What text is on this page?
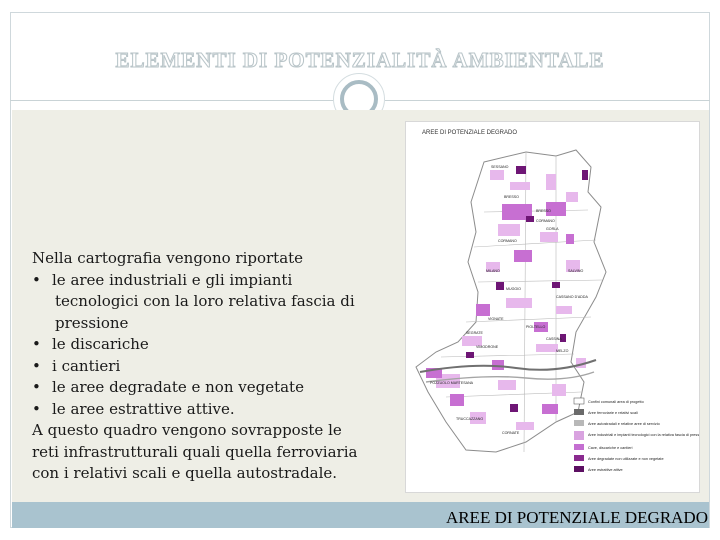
ELEMENTI DI POTENZIALITÀ AMBIENTALE
Nella cartografia vengono riportate
• le aree industriali e gli impianti
tecnologici con la loro relativa fascia di
pressione
• le discariche
• i cantieri
• le aree degradate e non vegetate
• le aree estrattive attive.
A questo quadro vengono sovrapposte le
reti infrastrutturali quali quella ferroviaria
con i relativi scali e quella autostradale.
AREE DI POTENZIALE DEGRADO
SESSANO
BRESSO
BRESSO
CORMANO
CORMANO
GORLA
MILANO
MUGGIO
CASSANO D'ADDA
SALVINO
VIGNATE
PIOLTELLO
SEGRATE
CASSINA
VIMODRONE
MELZO
POZZUOLO MARTESANA
TRUCCAZZANO
CORNATE
Confini comunali area di progetto
Aree ferroviarie e relativi scali
Aree autostradali e relative aree di servizio
Aree industriali e impianti tecnologici con la relativa fascia di pressione
Cave, discariche e cantieri
Aree degradate non utilizzate e non vegetate
Aree estrattive attive
AREE DI POTENZIALE DEGRADO
